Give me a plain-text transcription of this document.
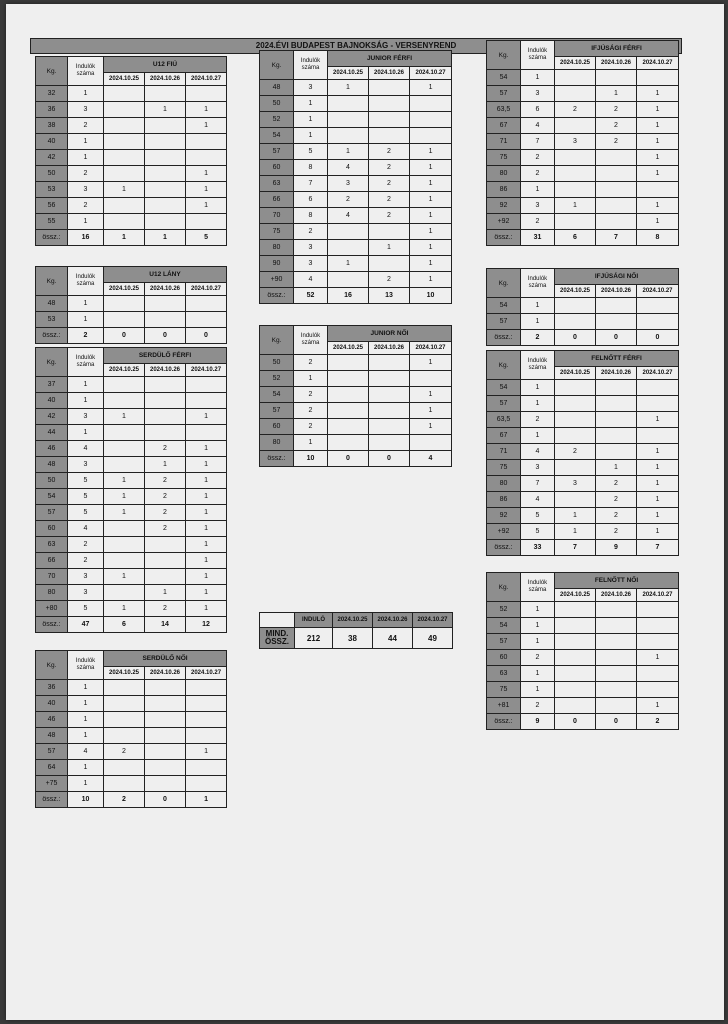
2024.ÉVI BUDAPEST BAJNOKSÁG - VERSENYREND
Kg.	Indulók száma	U12 FIÚ		
		2024.10.25	2024.10.26	2024.10.27
32	1			
36	3		1	1
38	2			1
40	1			
42	1			
50	2			1
53	3	1		1
56	2			1
55	1			
össz.:	16	1	1	5
Kg.	Indulók száma	U12 LÁNY		
		2024.10.25	2024.10.26	2024.10.27
48	1			
53	1			
össz.:	2	0	0	0
Kg.	Indulók száma	SERDÜLŐ FÉRFI		
		2024.10.25	2024.10.26	2024.10.27
37	1			
40	1			
42	3	1		1
44	1			
46	4		2	1
48	3		1	1
50	5	1	2	1
54	5	1	2	1
57	5	1	2	1
60	4		2	1
63	2			1
66	2			1
70	3	1		1
80	3		1	1
+80	5	1	2	1
össz.:	47	6	14	12
Kg.	Indulók száma	SERDÜLŐ NŐI		
		2024.10.25	2024.10.26	2024.10.27
36	1			
40	1			
46	1			
48	1			
57	4	2		1
64	1			
+75	1			
össz.:	10	2	0	1
Kg.	Indulók száma	JUNIOR FÉRFI		
		2024.10.25	2024.10.26	2024.10.27
48	3	1		1
50	1			
52	1			
54	1			
57	5	1	2	1
60	8	4	2	1
63	7	3	2	1
66	6	2	2	1
70	8	4	2	1
75	2			1
80	3		1	1
90	3	1		1
+90	4		2	1
össz.:	52	16	13	10
Kg.	Indulók száma	JUNIOR NŐI		
		2024.10.25	2024.10.26	2024.10.27
50	2			1
52	1			
54	2			1
57	2			1
60	2			1
80	1			
össz.:	10	0	0	4
Kg.	Indulók száma	IFJÚSÁGI FÉRFI		
		2024.10.25	2024.10.26	2024.10.27
54	1			
57	3		1	1
63,5	6	2	2	1
67	4		2	1
71	7	3	2	1
75	2			1
80	2			1
86	1			
92	3	1		1
+92	2			1
össz.:	31	6	7	8
Kg.	Indulók száma	IFJÚSÁGI NŐI		
		2024.10.25	2024.10.26	2024.10.27
54	1			
57	1			
össz.:	2	0	0	0
Kg.	Indulók száma	FELNŐTT FÉRFI		
		2024.10.25	2024.10.26	2024.10.27
54	1			
57	1			
63,5	2			1
67	1			
71	4	2		1
75	3		1	1
80	7	3	2	1
86	4		2	1
92	5	1	2	1
+92	5	1	2	1
össz.:	33	7	9	7
Kg.	Indulók száma	FELNŐTT NŐI		
		2024.10.25	2024.10.26	2024.10.27
52	1			
54	1			
57	1			
60	2			1
63	1			
75	1			
+81	2			1
össz.:	9	0	0	2
	INDULÓ	2024.10.25	2024.10.26	2024.10.27
MIND. ÖSSZ.	212	38	44	49
